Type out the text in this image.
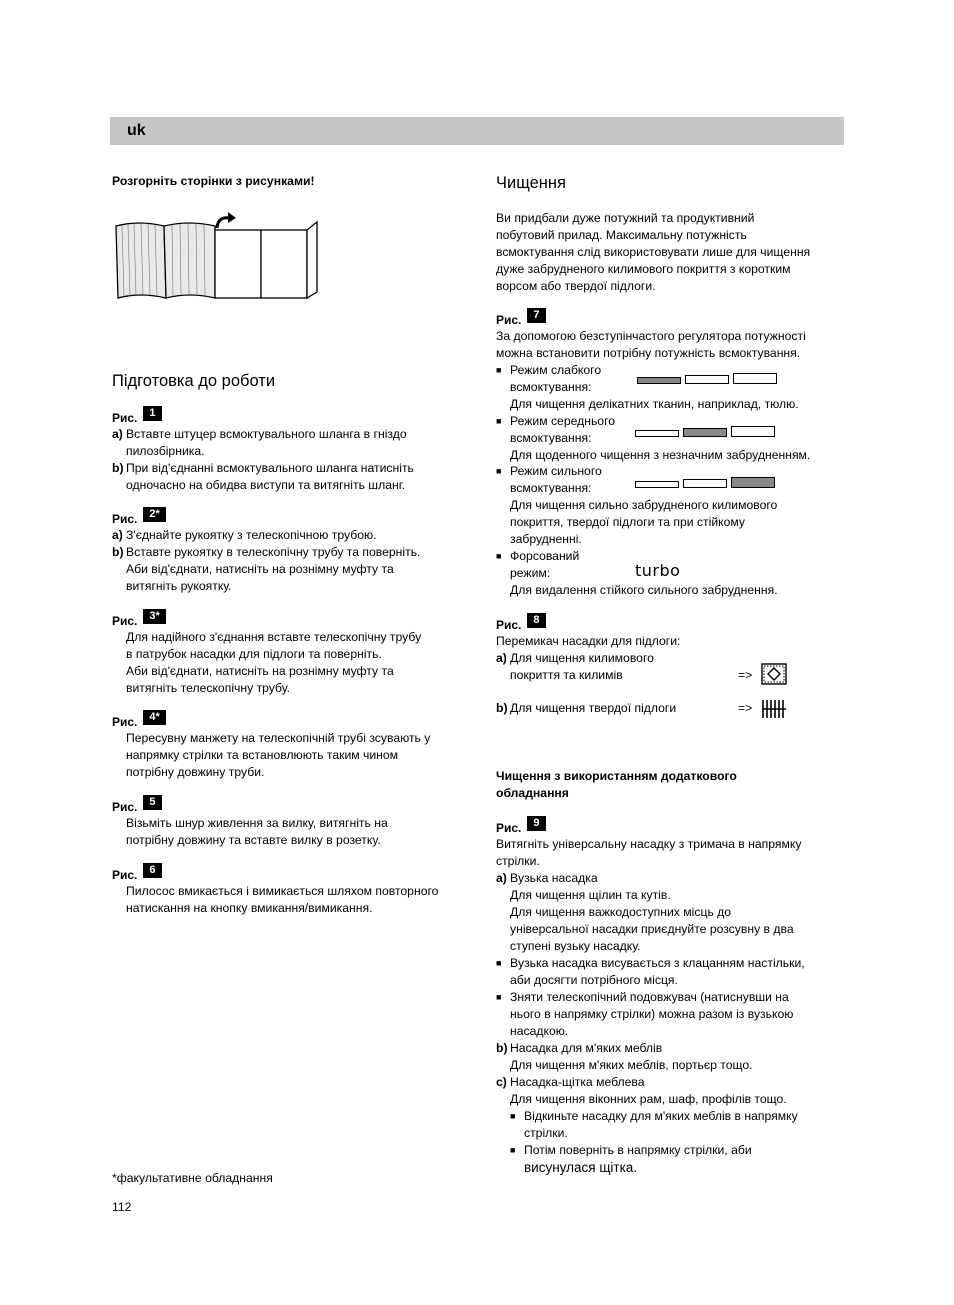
uk
Розгорніть сторінки з рисунками!
Підготовка до роботи
Рис.	1
a) Вставте штуцер всмоктувального шланга в гніздо
пилозбірника.
b) При від'єднанні всмоктувального шланга натисніть
одночасно на обидва виступи та витягніть шланг.
Рис.	2*
a) З'єднайте рукоятку з телескопічною трубою.
b) Вставте рукоятку в телескопічну трубу та поверніть.
Аби від'єднати, натисніть на рознімну муфту та
витягніть рукоятку.
Рис.	3*
Для надійного з'єднання вставте телескопічну трубу
в патрубок насадки для підлоги та поверніть.
Аби від'єднати, натисніть на рознімну муфту та
витягніть телескопічну трубу.
Рис.	4*
Пересувну манжету на телескопічній трубі зсувають у
напрямку стрілки та встановлюють таким чином
потрібну довжину труби.
Рис.	5
Візьміть шнур живлення за вилку, витягніть на
потрібну довжину та вставте вилку в розетку.
Рис.	6
Пилосос вмикається і вимикається шляхом повторного
натискання на кнопку вмикання/вимикання.
*факультативне обладнання
112
Чищення
Ви придбали дуже потужний та продуктивний
побутовий прилад. Максимальну потужність
всмоктування слід використовувати лише для чищення
дуже забрудненого килимового покриття з коротким
ворсом або твердої підлоги.
Рис.	7
За допомогою безступінчастого регулятора потужності
можна встановити потрібну потужність всмоктування.
■ Режим слабкого
всмоктування:
Для чищення делікатних тканин, наприклад, тюлю.
■ Режим середнього
всмоктування:
Для щоденного чищення з незначним забрудненням.
■ Режим сильного
всмоктування:
Для чищення сильно забрудненого килимового
покриття, твердої підлоги та при стійкому
забрудненні.
■ Форсований
режим:
Для видалення стійкого сильного забруднення.
turbo
Рис.	8
Перемикач насадки для підлоги:
a) Для чищення килимового
покриття та килимів	=>
b) Для чищення твердої підлоги	=>
Чищення з використанням додаткового
обладнання
Рис.	9
Витягніть універсальну насадку з тримача в напрямку
стрілки.
a) Вузька насадка
Для чищення щілин та кутів.
Для чищення важкодоступних місць до
універсальної насадки приєднуйте розсувну в два
ступені вузьку насадку.
■ Вузька насадка висувається з клацанням настільки,
аби досягти потрібного місця.
■ Зняти телескопічний подовжувач (натиснувши на
нього в напрямку стрілки) можна разом із вузькою
насадкою.
b) Насадка для м'яких меблів
Для чищення м'яких меблів, портьєр тощо.
c) Насадка-щітка меблева
Для чищення віконних рам, шаф, профілів тощо.
■ Відкиньте насадку для м'яких меблів в напрямку
стрілки.
■ Потім поверніть в напрямку стрілки, аби
висунулася щітка.
